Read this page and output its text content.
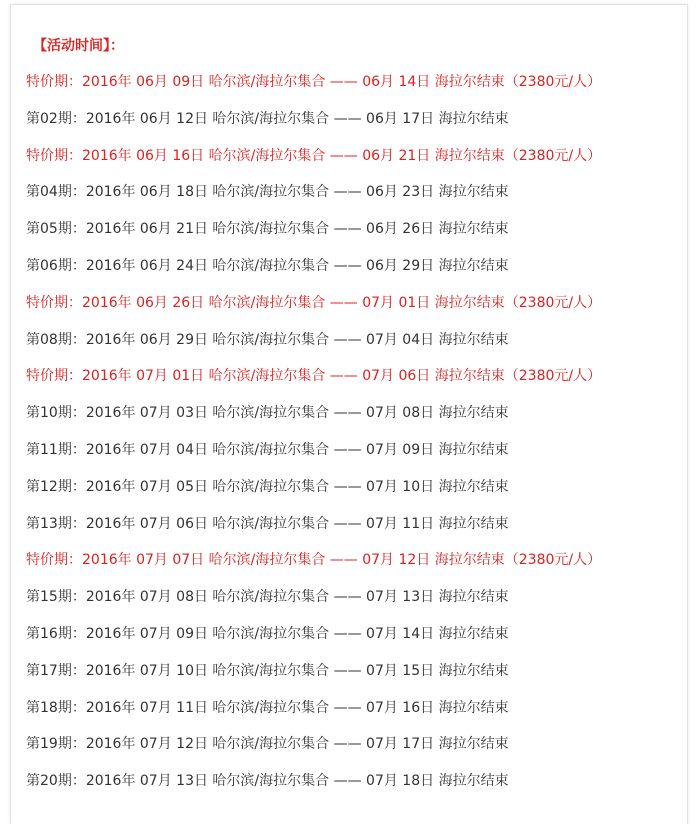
【活动时间】：
特价期：2016年 06月 09日 哈尔滨/海拉尔集合 —— 06月 14日 海拉尔结束（2380元/人）
第02期：2016年 06月 12日 哈尔滨/海拉尔集合 —— 06月 17日 海拉尔结束
特价期：2016年 06月 16日 哈尔滨/海拉尔集合 —— 06月 21日 海拉尔结束（2380元/人）
第04期：2016年 06月 18日 哈尔滨/海拉尔集合 —— 06月 23日 海拉尔结束
第05期：2016年 06月 21日 哈尔滨/海拉尔集合 —— 06月 26日 海拉尔结束
第06期：2016年 06月 24日 哈尔滨/海拉尔集合 —— 06月 29日 海拉尔结束
特价期：2016年 06月 26日 哈尔滨/海拉尔集合 —— 07月 01日 海拉尔结束（2380元/人）
第08期：2016年 06月 29日 哈尔滨/海拉尔集合 —— 07月 04日 海拉尔结束
特价期：2016年 07月 01日 哈尔滨/海拉尔集合 —— 07月 06日 海拉尔结束（2380元/人）
第10期：2016年 07月 03日 哈尔滨/海拉尔集合 —— 07月 08日 海拉尔结束
第11期：2016年 07月 04日 哈尔滨/海拉尔集合 —— 07月 09日 海拉尔结束
第12期：2016年 07月 05日 哈尔滨/海拉尔集合 —— 07月 10日 海拉尔结束
第13期：2016年 07月 06日 哈尔滨/海拉尔集合 —— 07月 11日 海拉尔结束
特价期：2016年 07月 07日 哈尔滨/海拉尔集合 —— 07月 12日 海拉尔结束（2380元/人）
第15期：2016年 07月 08日 哈尔滨/海拉尔集合 —— 07月 13日 海拉尔结束
第16期：2016年 07月 09日 哈尔滨/海拉尔集合 —— 07月 14日 海拉尔结束
第17期：2016年 07月 10日 哈尔滨/海拉尔集合 —— 07月 15日 海拉尔结束
第18期：2016年 07月 11日 哈尔滨/海拉尔集合 —— 07月 16日 海拉尔结束
第19期：2016年 07月 12日 哈尔滨/海拉尔集合 —— 07月 17日 海拉尔结束
第20期：2016年 07月 13日 哈尔滨/海拉尔集合 —— 07月 18日 海拉尔结束
